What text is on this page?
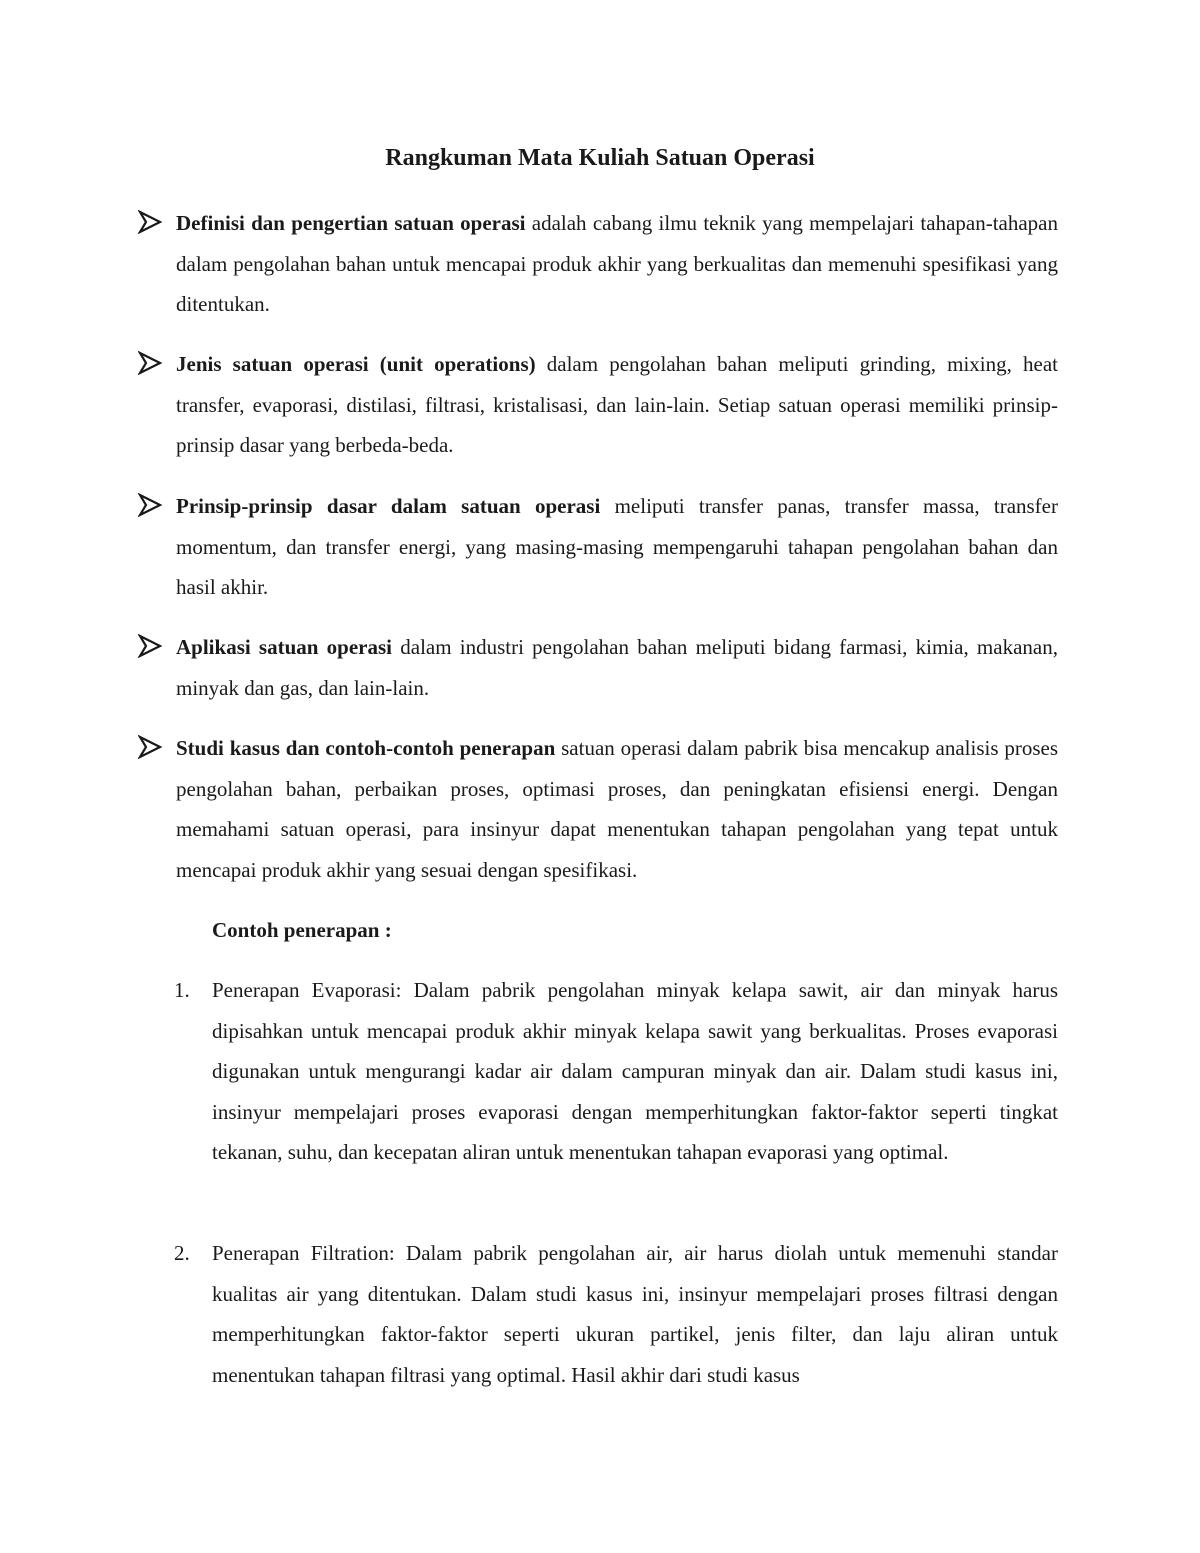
Rangkuman Mata Kuliah Satuan Operasi

Definisi dan pengertian satuan operasi adalah cabang ilmu teknik yang mempelajari tahapan-tahapan dalam pengolahan bahan untuk mencapai produk akhir yang berkualitas dan memenuhi spesifikasi yang ditentukan.

Jenis satuan operasi (unit operations) dalam pengolahan bahan meliputi grinding, mixing, heat transfer, evaporasi, distilasi, filtrasi, kristalisasi, dan lain-lain. Setiap satuan operasi memiliki prinsip-prinsip dasar yang berbeda-beda.

Prinsip-prinsip dasar dalam satuan operasi meliputi transfer panas, transfer massa, transfer momentum, dan transfer energi, yang masing-masing mempengaruhi tahapan pengolahan bahan dan hasil akhir.

Aplikasi satuan operasi dalam industri pengolahan bahan meliputi bidang farmasi, kimia, makanan, minyak dan gas, dan lain-lain.

Studi kasus dan contoh-contoh penerapan satuan operasi dalam pabrik bisa mencakup analisis proses pengolahan bahan, perbaikan proses, optimasi proses, dan peningkatan efisiensi energi. Dengan memahami satuan operasi, para insinyur dapat menentukan tahapan pengolahan yang tepat untuk mencapai produk akhir yang sesuai dengan spesifikasi.

Contoh penerapan :
1. Penerapan Evaporasi: Dalam pabrik pengolahan minyak kelapa sawit, air dan minyak harus dipisahkan untuk mencapai produk akhir minyak kelapa sawit yang berkualitas. Proses evaporasi digunakan untuk mengurangi kadar air dalam campuran minyak dan air. Dalam studi kasus ini, insinyur mempelajari proses evaporasi dengan memperhitungkan faktor-faktor seperti tingkat tekanan, suhu, dan kecepatan aliran untuk menentukan tahapan evaporasi yang optimal.

2. Penerapan Filtration: Dalam pabrik pengolahan air, air harus diolah untuk memenuhi standar kualitas air yang ditentukan. Dalam studi kasus ini, insinyur mempelajari proses filtrasi dengan memperhitungkan faktor-faktor seperti ukuran partikel, jenis filter, dan laju aliran untuk menentukan tahapan filtrasi yang optimal. Hasil akhir dari studi kasus
